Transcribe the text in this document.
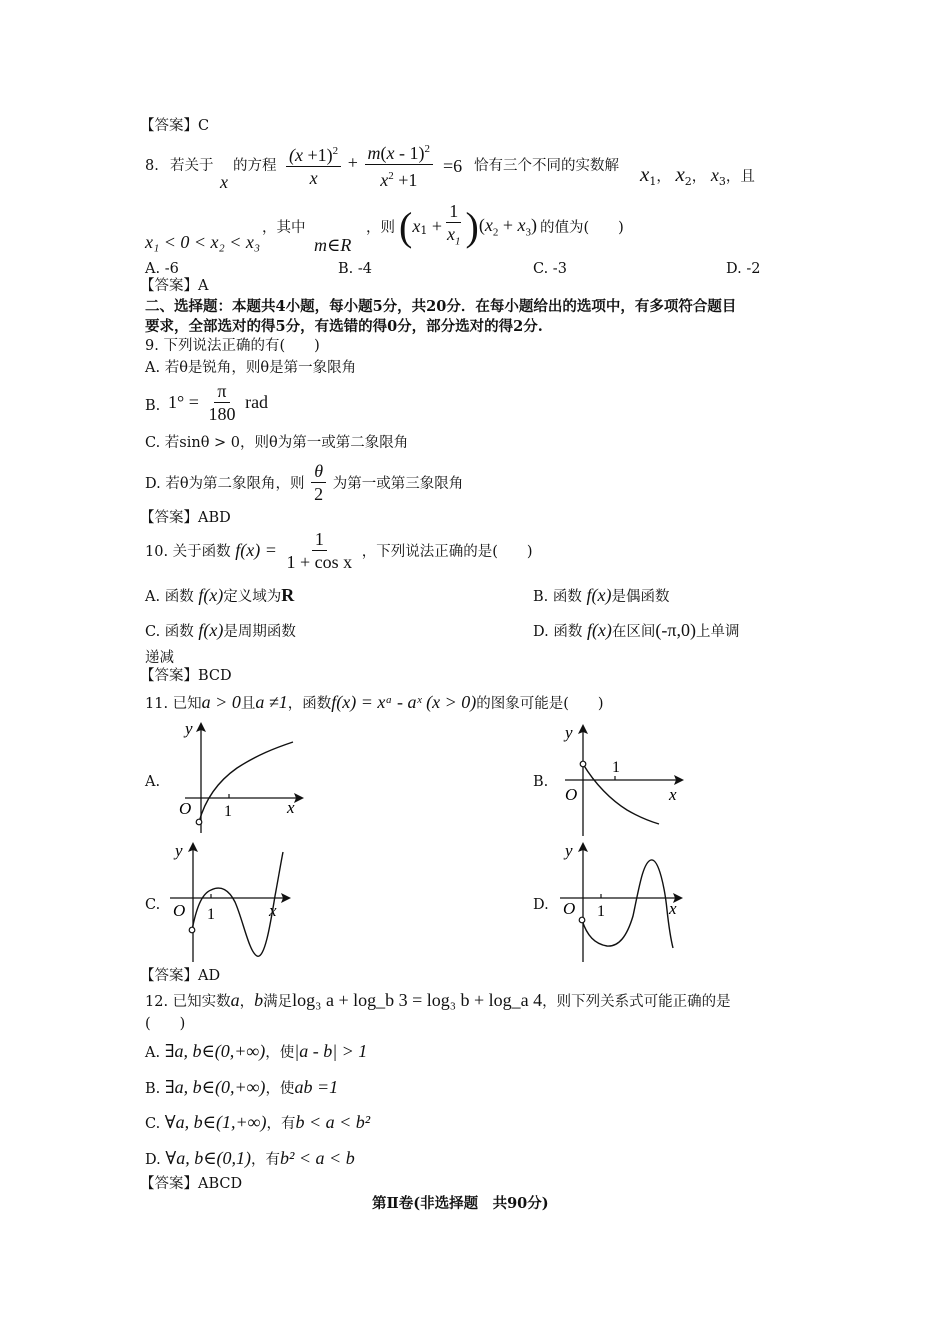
【答案】C
8. 若关于
x
的方程 $\frac{(x +1)^2}{x} + \frac{m(x - 1)^2}{x^2 +1} =6$ 恰有三个不同的实数解 $x_1$， $x_2$， $x_3$，且
x₁ < 0 < x₂ < x₃
，其中
m∈R
，则 $(x_1 + \frac{1}{x_1} )(x_2 + x_3)$ 的值为(　　)
A. -6	B. -4	C. -3	D. -2
【答案】A
二、选择题：本题共4小题，每小题5分，共20分．在每小题给出的选项中，有多项符合题目
要求，全部选对的得5分，有选错的得0分，部分选对的得2分.
9. 下列说法正确的有(　　)
A. 若θ是锐角，则θ是第一象限角
B. $1^\circ = \frac{\pi}{180}$ rad
C. 若sinθ > 0，则θ为第一或第二象限角
D. 若θ为第二象限角，则 $\frac{\theta}{2}$ 为第一或第三象限角
【答案】ABD
10. 关于函数 $f(x) = \frac{1}{\text{1 + cos x}}$ ，下列说法正确的是(　　)
A. 函数 f(x)定义域为R	B. 函数 f(x)是偶函数
C. 函数 f(x)是周期函数	D. 函数 f(x)在区间(-π,0)上单调
递减
【答案】BCD
11. 已知a > 0且a ≠1，函数f(x) = xᵃ - aˣ (x > 0)的图象可能是(　　)
A.	B.
C.	D.
y
x
O 1
y
x
O
1
y
x
O 1
y
x
O 1
【答案】AD
12. 已知实数a，b满足log₃ a + log_b 3 = log₃ b + log_a 4，则下列关系式可能正确的是
(　　)
A. ∃a, b∈(0,+∞)，使|a - b| > 1
B. ∃a, b∈(0,+∞)，使ab =1
C. ∀a, b∈(1,+∞)，有b < a < b²
D. ∀a, b∈(0,1)，有b² < a < b
【答案】ABCD
第Ⅱ卷(非选择题　共90分)
